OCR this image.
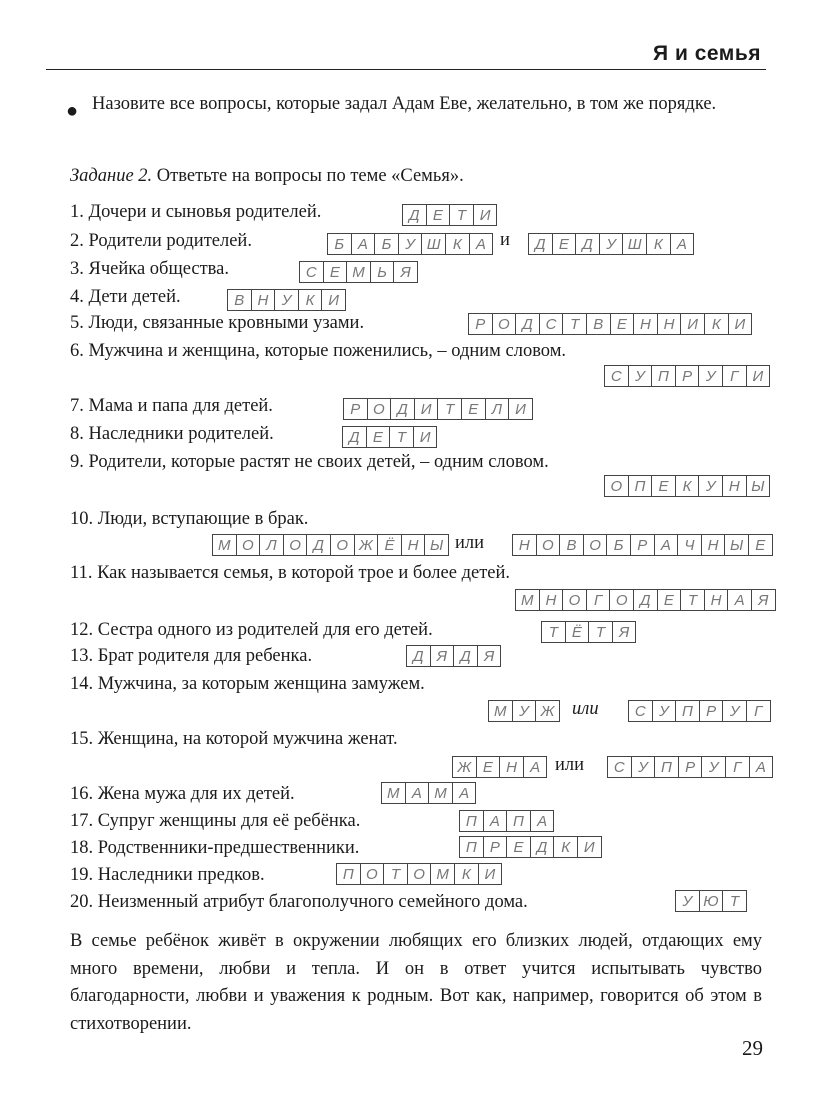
Я и семья
● Назовите все вопросы, которые задал Адам Еве, желательно, в том же порядке.
Задание 2. Ответьте на вопросы по теме «Семья».
1. Дочери и сыновья родителей.	Д Е Т И
2. Родители родителей.	Б А Б У Ш К А	Д Е Д У Ш К А
и
3. Ячейка общества.	С Е М Ь Я
4. Дети детей.	В Н У К И
5. Люди, связанные кровными узами.	Р О Д С Т В Е Н Н И К И
6. Мужчина и женщина, которые поженились, – одним словом.
С У П Р У Г И
7. Мама и папа для детей.	Р О Д И Т Е Л И
8. Наследники родителей.	Д Е Т И
9. Родители, которые растят не своих детей, – одним словом.
О П Е К У Н Ы
10. Люди, вступающие в брак.
М О Л О Д О Ж Ё Н Ы	Н О В О Б Р А Ч Н Ы Е
или
11. Как называется семья, в которой трое и более детей.
М Н О Г О Д Е Т Н А Я
12. Сестра одного из родителей для его детей.	Т Ё Т Я
13. Брат родителя для ребенка.	Д Я Д Я
14. Мужчина, за которым женщина замужем.
М У Ж	С У П Р У Г
или
15. Женщина, на которой мужчина женат.
Ж Е Н А	С У П Р У Г А
или
16. Жена мужа для их детей.	М А М А
17. Супруг женщины для её ребёнка.	П А П А
18. Родственники-предшественники.	П Р Е Д К И
19. Наследники предков.	П О Т О М К И
20. Неизменный атрибут благополучного семейного дома.	У Ю Т
В семье ребёнок живёт в окружении любящих его близких людей, отдающих ему много времени, любви и тепла. И он в ответ учится испытывать чувство благодарности, любви и уважения к родным. Вот как, например, говорится об этом в стихотворении.
29
